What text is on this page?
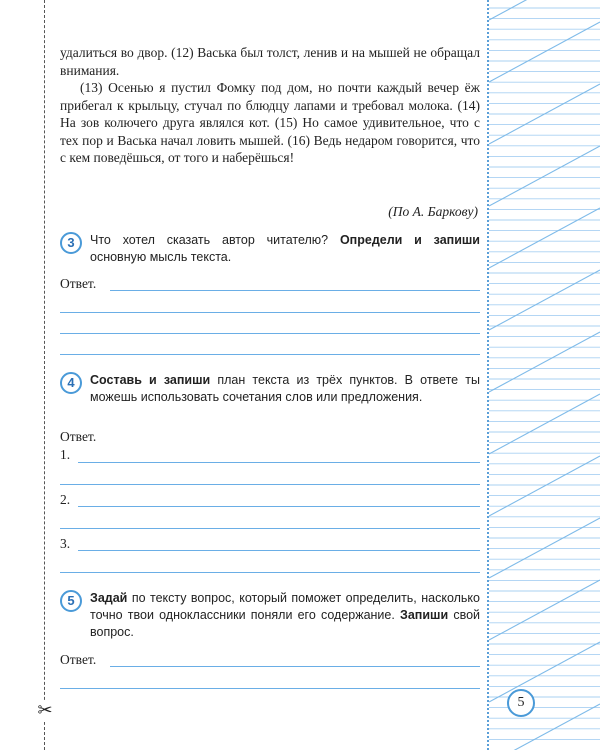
✂

удалиться во двор. (12) Васька был толст, ленив и на мышей не обращал внимания.

(13) Осенью я пустил Фомку под дом, но почти каждый вечер ёж прибегал к крыльцу, стучал по блюдцу лапами и требовал молока. (14) На зов колючего друга являлся кот. (15) Но самое удивительное, что с тех пор и Васька начал ловить мышей. (16) Ведь недаром говорится, что с кем поведёшься, от того и наберёшься!

(По А. Баркову)
3	Что хотел сказать автор читателю? Определи и запиши основную мысль текста.
Ответ.
4	Составь и запиши план текста из трёх пунктов. В ответе ты можешь использовать сочетания слов или предложения.
Ответ.
1.
2.
3.
5	Задай по тексту вопрос, который поможет определить, насколько точно твои одноклассники поняли его содержание. Запиши свой вопрос.
Ответ.
5
